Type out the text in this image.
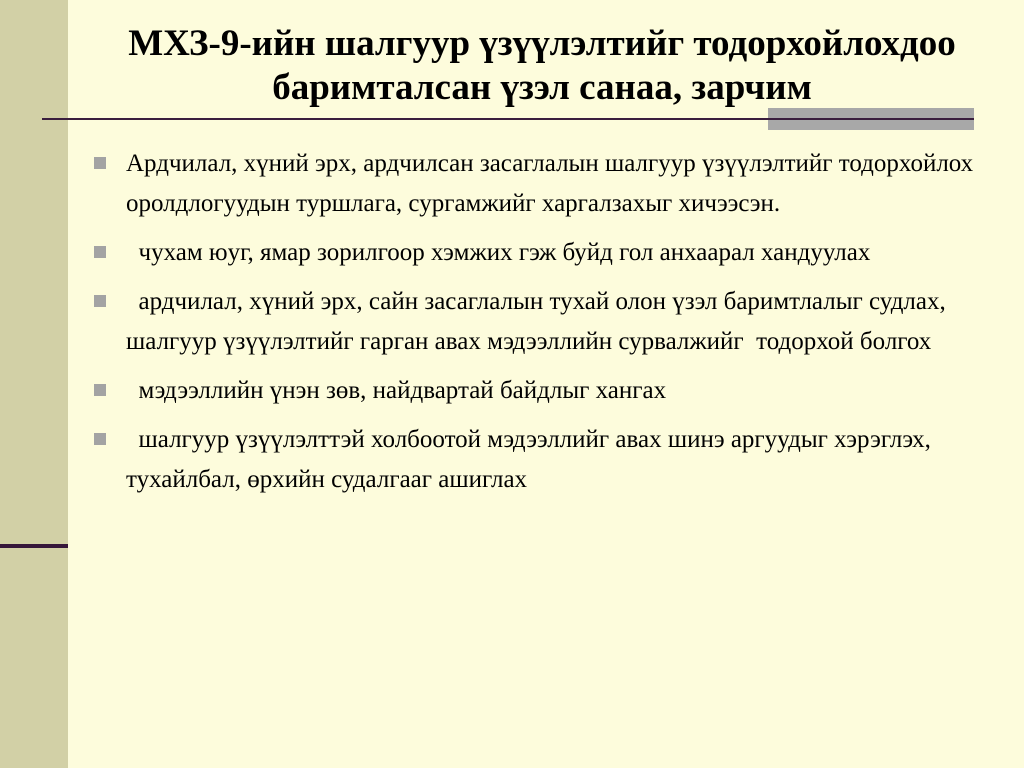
МХЗ-9-ийн шалгуур үзүүлэлтийг тодорхойлохдоо
баримталсан үзэл санаа, зарчим
Ардчилал, хүний эрх, ардчилсан засаглалын шалгуур үзүүлэлтийг тодорхойлох оролдлогуудын туршлага, сургамжийг харгалзахыг хичээсэн.
чухам юуг, ямар зорилгоор хэмжих гэж буйд гол анхаарал хандуулах
ардчилал, хүний эрх, сайн засаглалын тухай олон үзэл баримтлалыг судлах, шалгуур үзүүлэлтийг гарган авах мэдээллийн сурвалжийг  тодорхой болгох
мэдээллийн үнэн зөв, найдвартай байдлыг хангах
шалгуур үзүүлэлттэй холбоотой мэдээллийг авах шинэ аргуудыг хэрэглэх, тухайлбал, өрхийн судалгааг ашиглах
